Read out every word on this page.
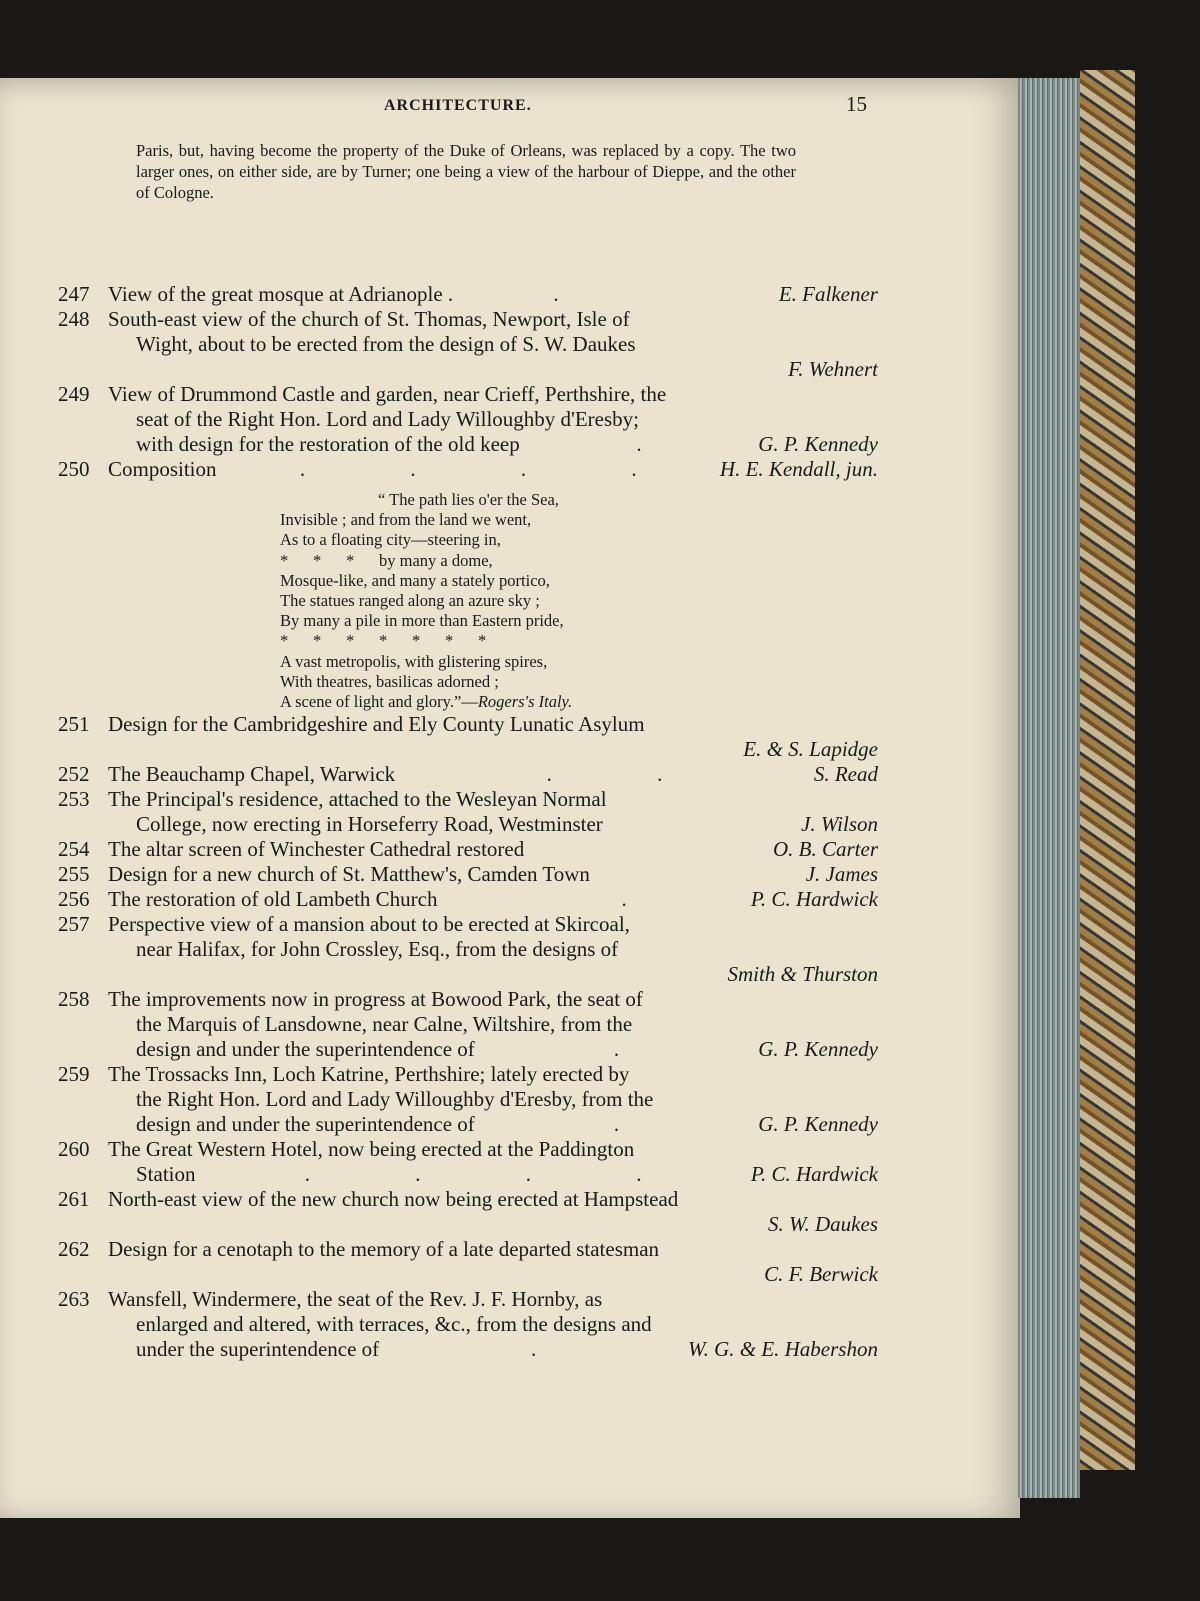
ARCHITECTURE.	15
Paris, but, having become the property of the Duke of Orleans, was replaced by a copy. The two larger ones, on either side, are by Turner; one being a view of the harbour of Dieppe, and the other of Cologne.
247 View of the great mosque at Adrianople .	.	E. Falkener
248 South-east view of the church of St. Thomas, Newport, Isle of
Wight, about to be erected from the design of S. W. Daukes
F. Wehnert
249 View of Drummond Castle and garden, near Crieff, Perthshire, the
seat of the Right Hon. Lord and Lady Willoughby d'Eresby;
with design for the restoration of the old keep	.	G. P. Kennedy
250 Composition	. . . .	H. E. Kendall, jun.
“ The path lies o'er the Sea,
Invisible ; and from the land we went,
As to a floating city—steering in,
*      *      *      by many a dome,
Mosque-like, and many a stately portico,
The statues ranged along an azure sky ;
By many a pile in more than Eastern pride,
*      *      *      *      *      *      *
A vast metropolis, with glistering spires,
With theatres, basilicas adorned ;
A scene of light and glory.”—Rogers's Italy.
251 Design for the Cambridgeshire and Ely County Lunatic Asylum
E. & S. Lapidge
252 The Beauchamp Chapel, Warwick	. .	S. Read
253 The Principal's residence, attached to the Wesleyan Normal
College, now erecting in Horseferry Road, Westminster	J. Wilson
254 The altar screen of Winchester Cathedral restored	O. B. Carter
255 Design for a new church of St. Matthew's, Camden Town	J. James
256 The restoration of old Lambeth Church	.	P. C. Hardwick
257 Perspective view of a mansion about to be erected at Skircoal,
near Halifax, for John Crossley, Esq., from the designs of
Smith & Thurston
258 The improvements now in progress at Bowood Park, the seat of
the Marquis of Lansdowne, near Calne, Wiltshire, from the
design and under the superintendence of	.	G. P. Kennedy
259 The Trossacks Inn, Loch Katrine, Perthshire; lately erected by
the Right Hon. Lord and Lady Willoughby d'Eresby, from the
design and under the superintendence of	.	G. P. Kennedy
260 The Great Western Hotel, now being erected at the Paddington
Station	. . . .	P. C. Hardwick
261 North-east view of the new church now being erected at Hampstead
S. W. Daukes
262 Design for a cenotaph to the memory of a late departed statesman
C. F. Berwick
263 Wansfell, Windermere, the seat of the Rev. J. F. Hornby, as
enlarged and altered, with terraces, &c., from the designs and
under the superintendence of	.	W. G. & E. Habershon
